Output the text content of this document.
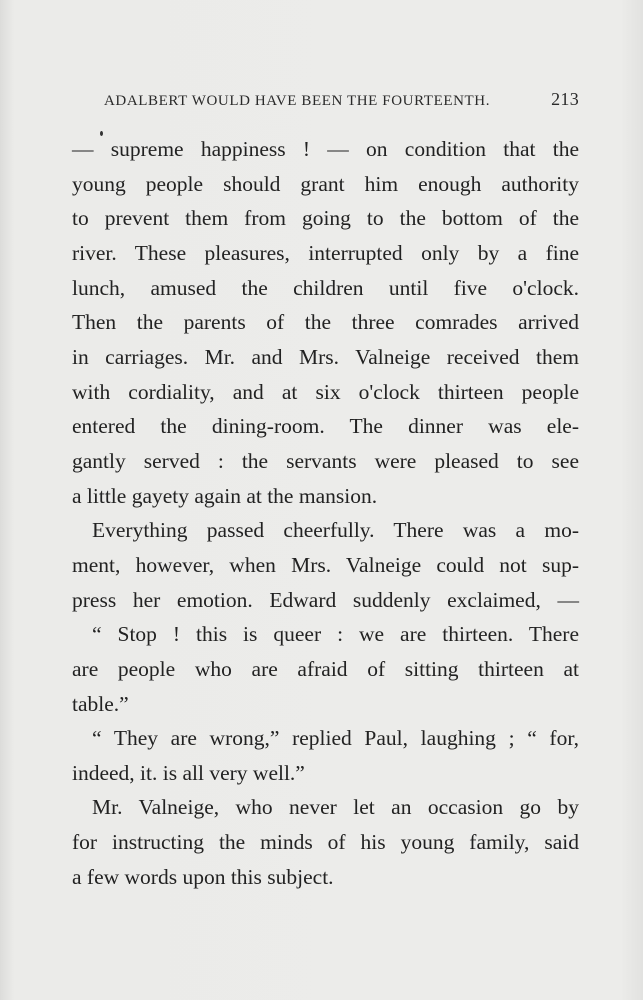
ADALBERT WOULD HAVE BEEN THE FOURTEENTH.	213

— supreme happiness ! — on condition that the

young people should grant him enough authority

to prevent them from going to the bottom of the

river. These pleasures, interrupted only by a fine

lunch, amused the children until five o'clock.

Then the parents of the three comrades arrived

in carriages. Mr. and Mrs. Valneige received them

with cordiality, and at six o'clock thirteen people

entered the dining-room. The dinner was ele-

gantly served : the servants were pleased to see

a little gayety again at the mansion.

Everything passed cheerfully. There was a mo-

ment, however, when Mrs. Valneige could not sup-

press her emotion. Edward suddenly exclaimed, —

“ Stop ! this is queer : we are thirteen. There

are people who are afraid of sitting thirteen at

table.”

“ They are wrong,” replied Paul, laughing ; “ for,

indeed, it. is all very well.”

Mr. Valneige, who never let an occasion go by

for instructing the minds of his young family, said

a few words upon this subject.
